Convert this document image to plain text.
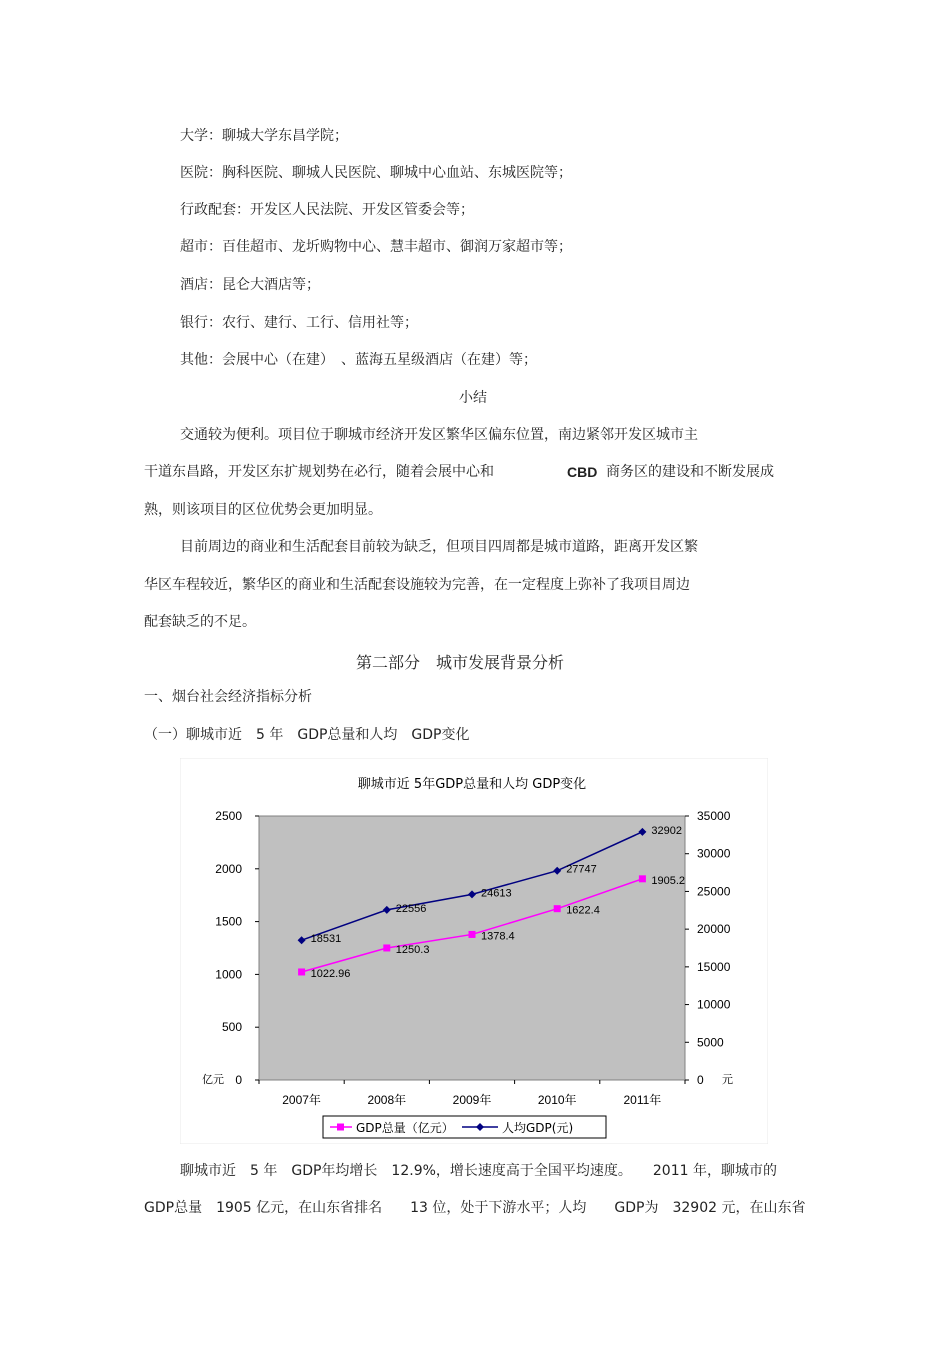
大学：聊城大学东昌学院；
医院：胸科医院、聊城人民医院、聊城中心血站、东城医院等；
行政配套：开发区人民法院、开发区管委会等；
超市：百佳超市、龙圻购物中心、慧丰超市、御润万家超市等；
酒店：昆仑大酒店等；
银行：农行、建行、工行、信用社等；
其他：会展中心（在建）　、蓝海五星级酒店（在建）等；
小结
交通较为便利。项目位于聊城市经济开发区繁华区偏东位置，南边紧邻开发区城市主
干道东昌路，开发区东扩规划势在必行，随着会展中心和	CBD 商务区的建设和不断发展成
熟，则该项目的区位优势会更加明显。
目前周边的商业和生活配套目前较为缺乏，但项目四周都是城市道路，距离开发区繁
华区车程较近，繁华区的商业和生活配套设施较为完善，在一定程度上弥补了我项目周边
配套缺乏的不足。
第二部分　城市发展背景分析
一、烟台社会经济指标分析
（一）聊城市近　5 年　GDP总量和人均　GDP变化
聊城市近 5年GDP总量和人均 GDP变化
0
500
1000
1500
2000
2500
0
5000
10000
15000
20000
25000
30000
35000
2007年	2008年	2009年	2010年	2011年
1022.96
1250.3
1378.4
1622.4
1905.2
18531
22556
24613
27747
32902
亿元	元
GDP总量（亿元）	人均GDP(元)
聊城市近　5 年　GDP年均增长　12.9%，增长速度高于全国平均速度。　　2011 年，聊城市的
GDP总量　1905 亿元，在山东省排名　　13 位，处于下游水平；人均　　GDP为　32902 元，在山东省
